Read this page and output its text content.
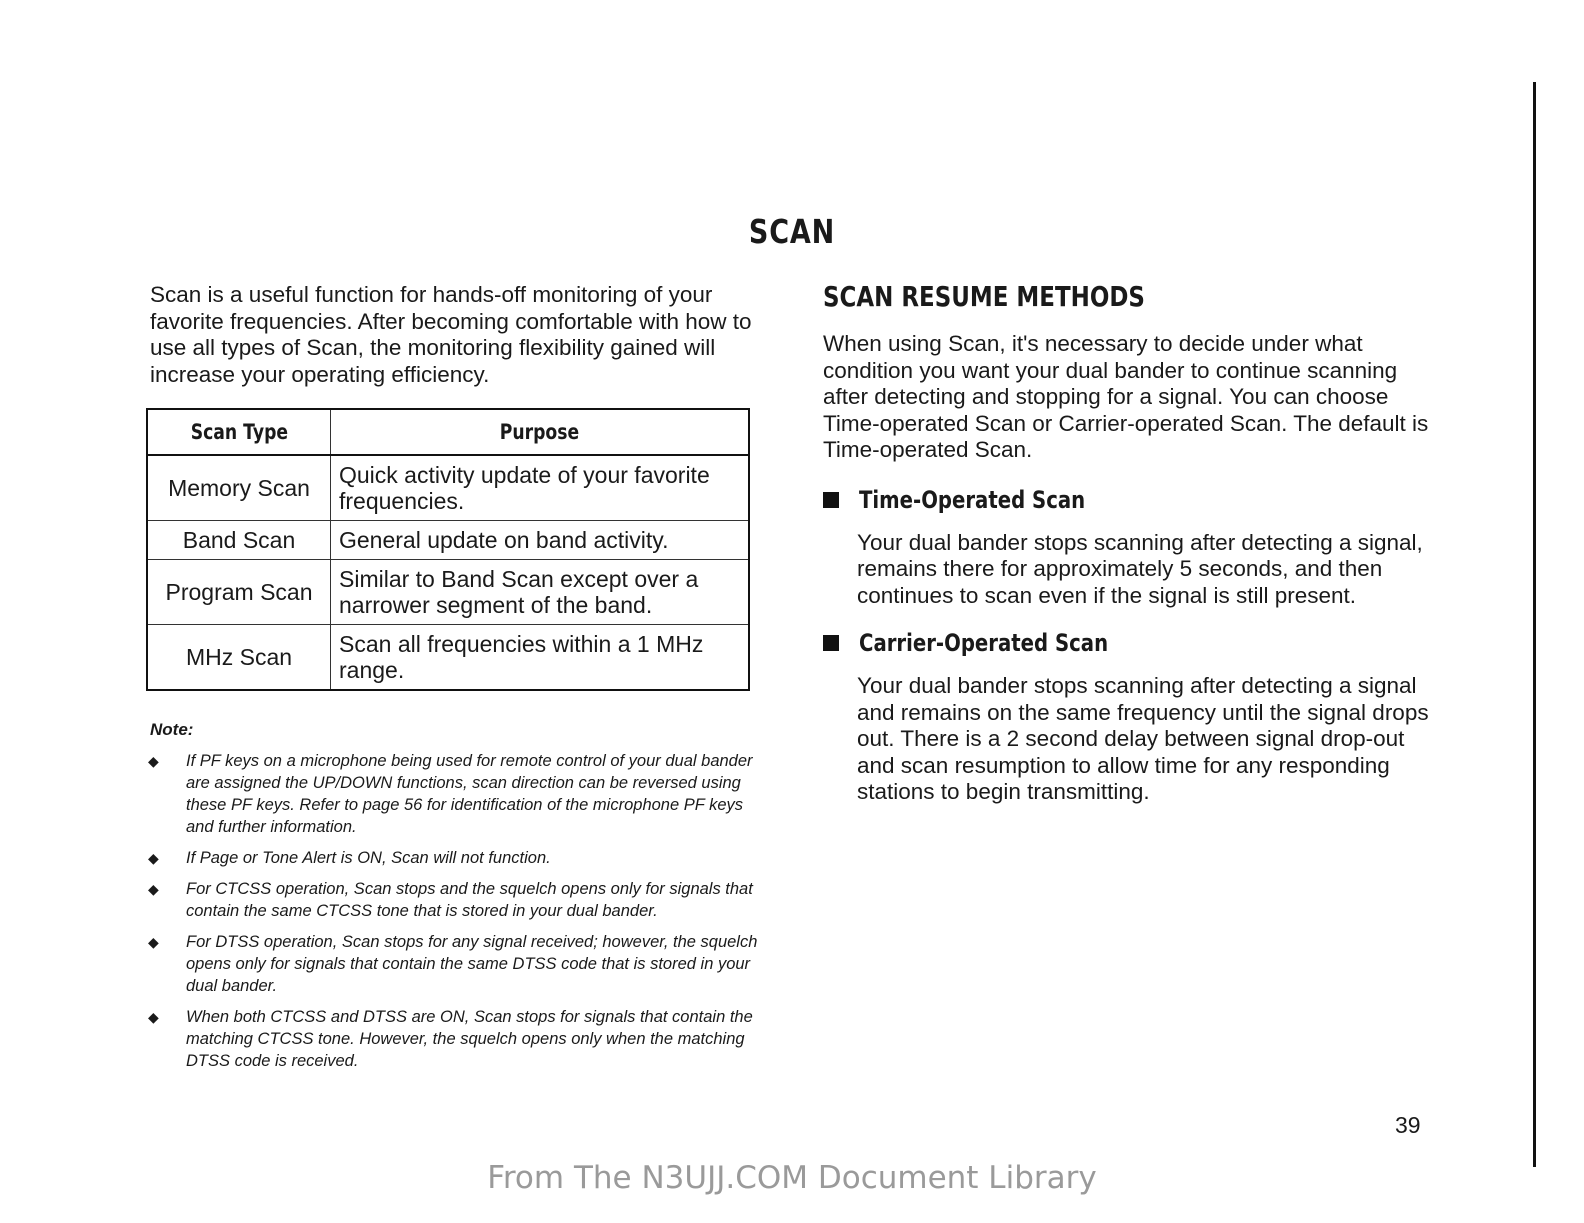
SCAN
Scan is a useful function for hands-off monitoring of your favorite frequencies. After becoming comfortable with how to use all types of Scan, the monitoring flexibility gained will increase your operating efficiency.
Scan Type	Purpose
Memory Scan	Quick activity update of your favorite frequencies.
Band Scan	General update on band activity.
Program Scan	Similar to Band Scan except over a narrower segment of the band.
MHz Scan	Scan all frequencies within a 1 MHz range.
Note:
◆ If PF keys on a microphone being used for remote control of your dual bander are assigned the UP/DOWN functions, scan direction can be reversed using these PF keys. Refer to page 56 for identification of the microphone PF keys and further information.
◆ If Page or Tone Alert is ON, Scan will not function.
◆ For CTCSS operation, Scan stops and the squelch opens only for signals that contain the same CTCSS tone that is stored in your dual bander.
◆ For DTSS operation, Scan stops for any signal received; however, the squelch opens only for signals that contain the same DTSS code that is stored in your dual bander.
◆ When both CTCSS and DTSS are ON, Scan stops for signals that contain the matching CTCSS tone. However, the squelch opens only when the matching DTSS code is received.
SCAN RESUME METHODS
When using Scan, it's necessary to decide under what condition you want your dual bander to continue scanning after detecting and stopping for a signal. You can choose Time-operated Scan or Carrier-operated Scan. The default is Time-operated Scan.
Time-Operated Scan
Your dual bander stops scanning after detecting a signal, remains there for approximately 5 seconds, and then continues to scan even if the signal is still present.
Carrier-Operated Scan
Your dual bander stops scanning after detecting a signal and remains on the same frequency until the signal drops out. There is a 2 second delay between signal drop-out and scan resumption to allow time for any responding stations to begin transmitting.
39
From The N3UJJ.COM Document Library
